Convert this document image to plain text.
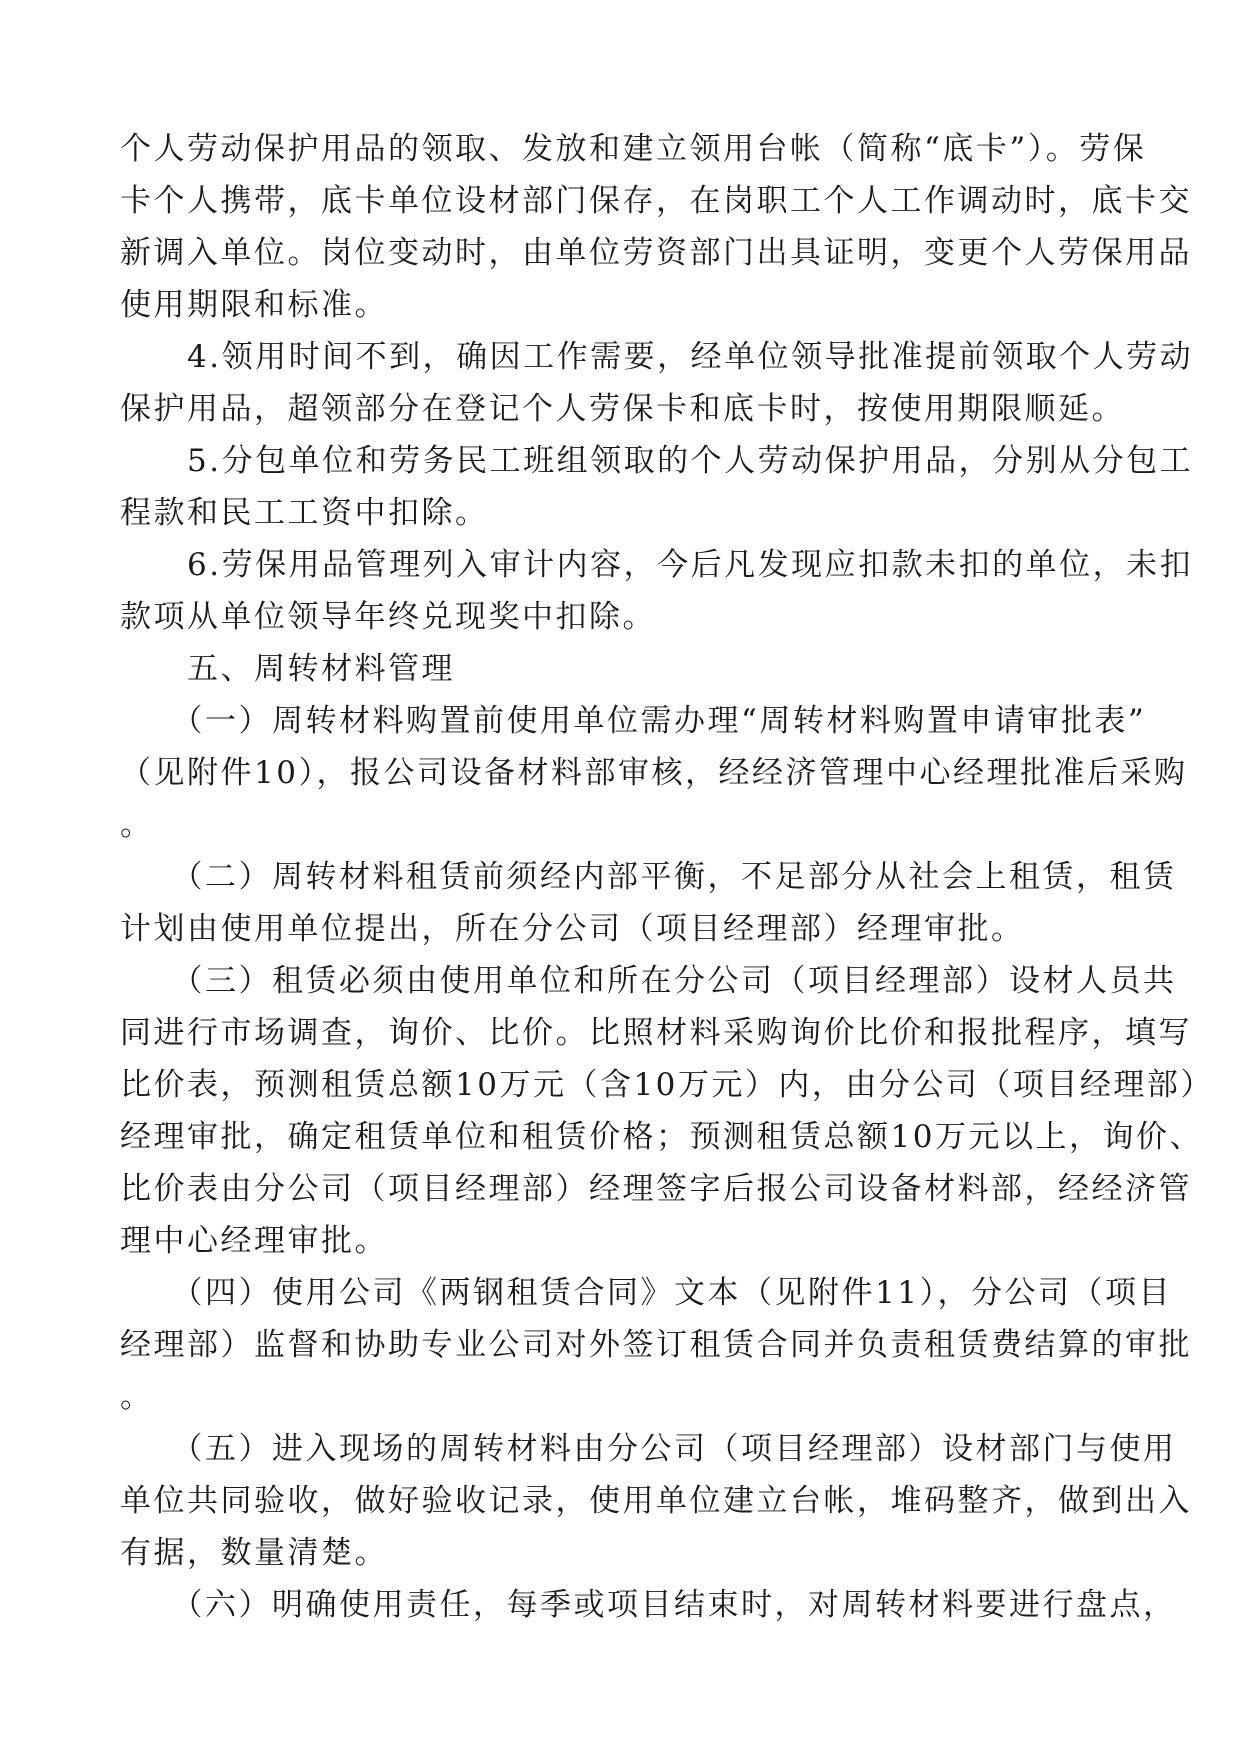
个人劳动保护用品的领取、发放和建立领用台帐（简称“底卡”）。劳保
卡个人携带，底卡单位设材部门保存，在岗职工个人工作调动时，底卡交
新调入单位。岗位变动时，由单位劳资部门出具证明，变更个人劳保用品
使用期限和标准。
　　4.领用时间不到，确因工作需要，经单位领导批准提前领取个人劳动
保护用品，超领部分在登记个人劳保卡和底卡时，按使用期限顺延。
　　5.分包单位和劳务民工班组领取的个人劳动保护用品，分别从分包工
程款和民工工资中扣除。
　　6.劳保用品管理列入审计内容，今后凡发现应扣款未扣的单位，未扣
款项从单位领导年终兑现奖中扣除。
　　五、周转材料管理
　　（一）周转材料购置前使用单位需办理“周转材料购置申请审批表”
（见附件10），报公司设备材料部审核，经经济管理中心经理批准后采购
。
　　（二）周转材料租赁前须经内部平衡，不足部分从社会上租赁，租赁
计划由使用单位提出，所在分公司（项目经理部）经理审批。
　　（三）租赁必须由使用单位和所在分公司（项目经理部）设材人员共
同进行市场调查，询价、比价。比照材料采购询价比价和报批程序，填写
比价表，预测租赁总额10万元（含10万元）内，由分公司（项目经理部）
经理审批，确定租赁单位和租赁价格；预测租赁总额10万元以上，询价、
比价表由分公司（项目经理部）经理签字后报公司设备材料部，经经济管
理中心经理审批。
　　（四）使用公司《两钢租赁合同》文本（见附件11），分公司（项目
经理部）监督和协助专业公司对外签订租赁合同并负责租赁费结算的审批
。
　　（五）进入现场的周转材料由分公司（项目经理部）设材部门与使用
单位共同验收，做好验收记录，使用单位建立台帐，堆码整齐，做到出入
有据，数量清楚。
　　（六）明确使用责任，每季或项目结束时，对周转材料要进行盘点，
